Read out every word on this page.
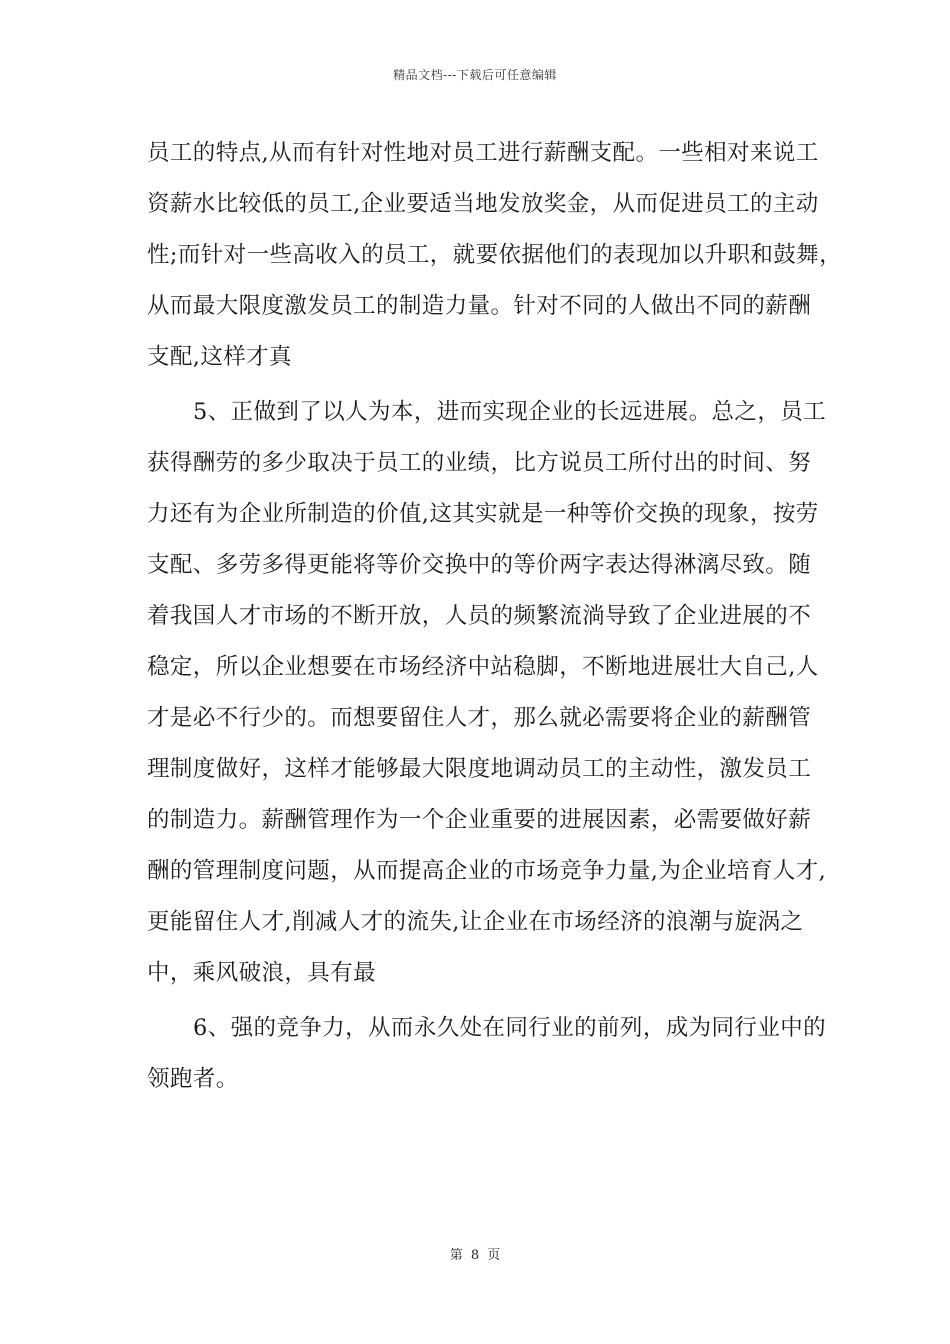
精品文档---下载后可任意编辑
员工的特点,从而有针对性地对员工进行薪酬支配。一些相对来说工
资薪水比较低的员工,企业要适当地发放奖金，从而促进员工的主动
性;而针对一些高收入的员工，就要依据他们的表现加以升职和鼓舞，
从而最大限度激发员工的制造力量。针对不同的人做出不同的薪酬
支配,这样才真
5、正做到了以人为本，进而实现企业的长远进展。总之，员工
获得酬劳的多少取决于员工的业绩，比方说员工所付出的时间、努
力还有为企业所制造的价值,这其实就是一种等价交换的现象，按劳
支配、多劳多得更能将等价交换中的等价两字表达得淋漓尽致。随
着我国人才市场的不断开放，人员的频繁流淌导致了企业进展的不
稳定，所以企业想要在市场经济中站稳脚，不断地进展壮大自己,人
才是必不行少的。而想要留住人才，那么就必需要将企业的薪酬管
理制度做好，这样才能够最大限度地调动员工的主动性，激发员工
的制造力。薪酬管理作为一个企业重要的进展因素，必需要做好薪
酬的管理制度问题，从而提高企业的市场竞争力量,为企业培育人才,
更能留住人才,削减人才的流失,让企业在市场经济的浪潮与旋涡之
中，乘风破浪，具有最
6、强的竞争力，从而永久处在同行业的前列，成为同行业中的
领跑者。
第 8 页
